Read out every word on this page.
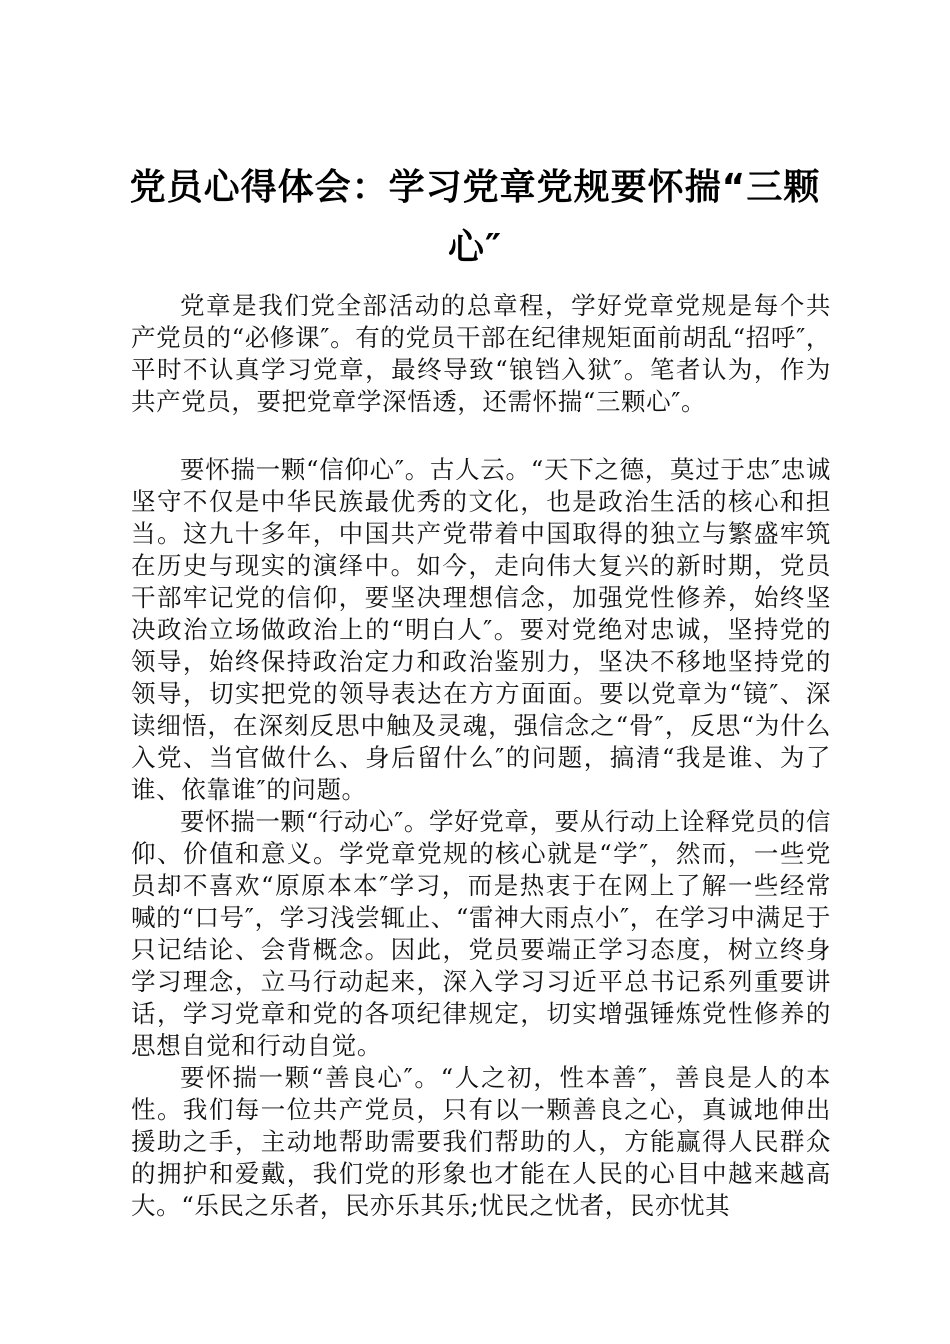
党员心得体会：学习党章党规要怀揣“三颗
心″

党章是我们党全部活动的总章程，学好党章党规是每个共产党员的“必修课″。有的党员干部在纪律规矩面前胡乱“招呼″，平时不认真学习党章，最终导致“锒铛入狱″。笔者认为，作为共产党员，要把党章学深悟透，还需怀揣“三颗心″。

要怀揣一颗“信仰心″。古人云。“天下之德，莫过于忠″忠诚坚守不仅是中华民族最优秀的文化，也是政治生活的核心和担当。这九十多年，中国共产党带着中国取得的独立与繁盛牢筑在历史与现实的演绎中。如今，走向伟大复兴的新时期，党员干部牢记党的信仰，要坚决理想信念，加强党性修养，始终坚决政治立场做政治上的“明白人″。要对党绝对忠诚，坚持党的领导，始终保持政治定力和政治鉴别力，坚决不移地坚持党的领导，切实把党的领导表达在方方面面。要以党章为“镜″、深读细悟，在深刻反思中触及灵魂，强信念之“骨″，反思“为什么入党、当官做什么、身后留什么″的问题，搞清“我是谁、为了谁、依靠谁″的问题。

要怀揣一颗“行动心″。学好党章，要从行动上诠释党员的信仰、价值和意义。学党章党规的核心就是“学″，然而，一些党员却不喜欢“原原本本″学习，而是热衷于在网上了解一些经常喊的“口号″，学习浅尝辄止、“雷神大雨点小″，在学习中满足于只记结论、会背概念。因此，党员要端正学习态度，树立终身学习理念，立马行动起来，深入学习习近平总书记系列重要讲话，学习党章和党的各项纪律规定，切实增强锤炼党性修养的思想自觉和行动自觉。

要怀揣一颗“善良心″。“人之初，性本善″，善良是人的本性。我们每一位共产党员，只有以一颗善良之心，真诚地伸出援助之手，主动地帮助需要我们帮助的人，方能赢得人民群众的拥护和爱戴，我们党的形象也才能在人民的心目中越来越高大。“乐民之乐者，民亦乐其乐;忧民之忧者，民亦忧其
